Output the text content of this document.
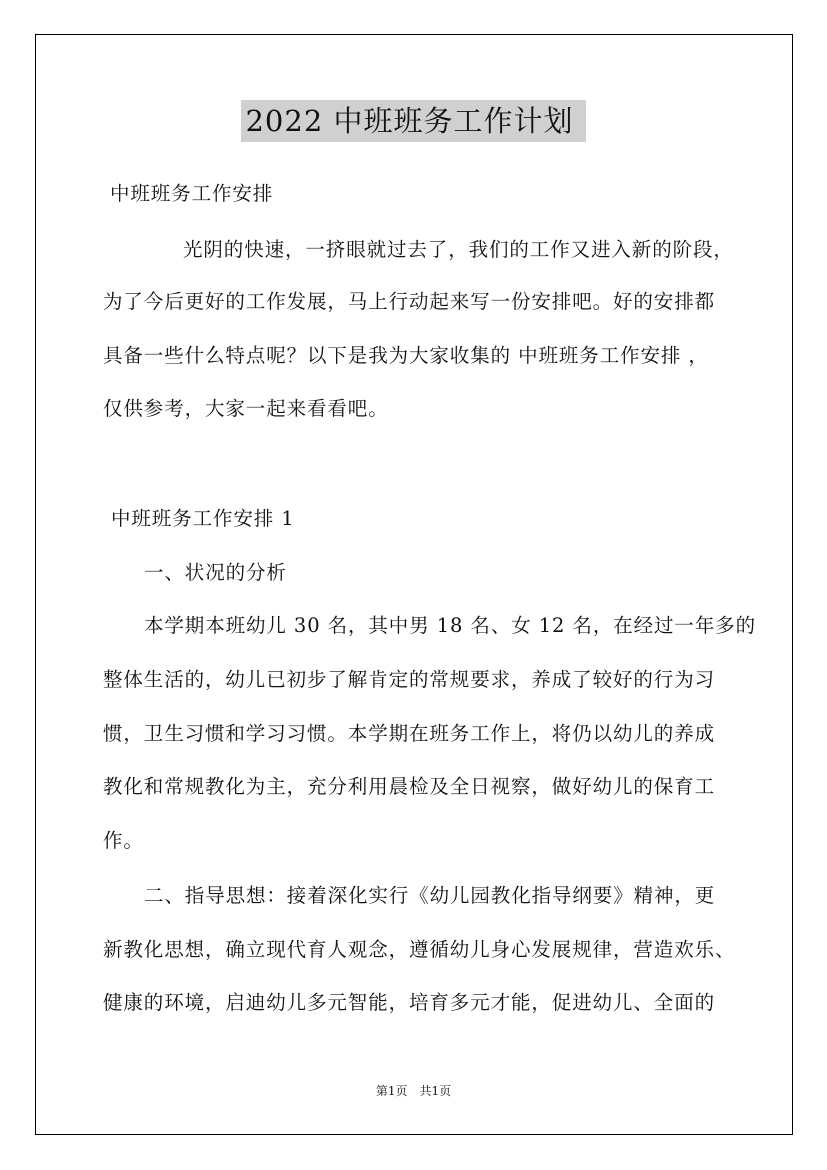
2022 中班班务工作计划
中班班务工作安排
光阴的快速，一挤眼就过去了，我们的工作又进入新的阶段，
为了今后更好的工作发展，马上行动起来写一份安排吧。好的安排都
具备一些什么特点呢？以下是我为大家收集的 中班班务工作安排 ，
仅供参考，大家一起来看看吧。
中班班务工作安排 1
一、状况的分析
本学期本班幼儿 30 名，其中男 18 名、女 12 名，在经过一年多的
整体生活的，幼儿已初步了解肯定的常规要求，养成了较好的行为习
惯，卫生习惯和学习习惯。本学期在班务工作上，将仍以幼儿的养成
教化和常规教化为主，充分利用晨检及全日视察，做好幼儿的保育工
作。
二、指导思想：接着深化实行《幼儿园教化指导纲要》精神，更
新教化思想，确立现代育人观念，遵循幼儿身心发展规律，营造欢乐、
健康的环境，启迪幼儿多元智能，培育多元才能，促进幼儿、全面的
第1页　共1页
